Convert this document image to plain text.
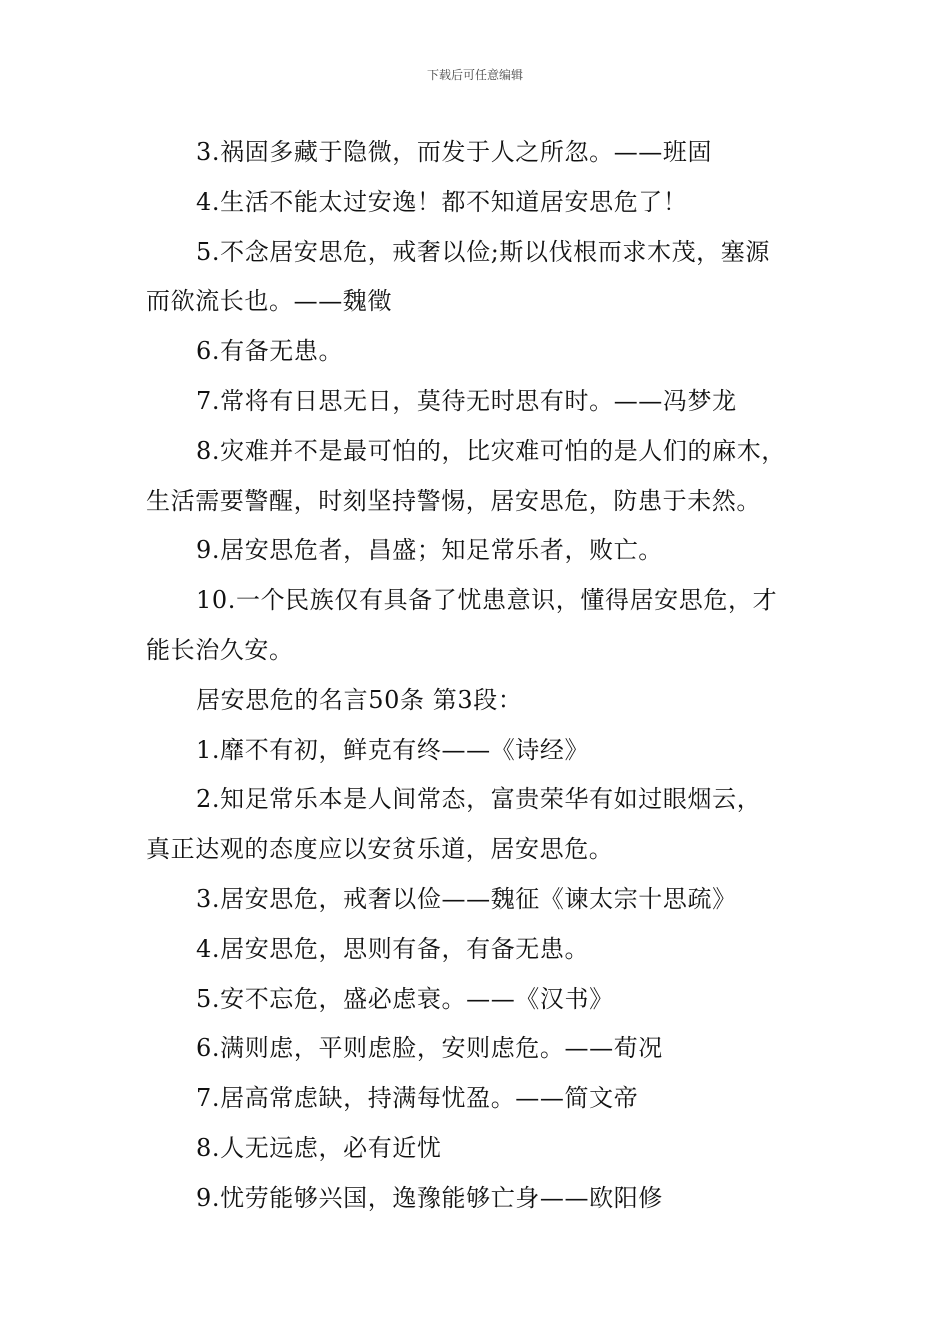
下载后可任意编辑
3.祸固多藏于隐微，而发于人之所忽。——班固
4.生活不能太过安逸！都不知道居安思危了！
5.不念居安思危，戒奢以俭;斯以伐根而求木茂，塞源
而欲流长也。——魏徵
6.有备无患。
7.常将有日思无日，莫待无时思有时。——冯梦龙
8.灾难并不是最可怕的，比灾难可怕的是人们的麻木，
生活需要警醒，时刻坚持警惕，居安思危，防患于未然。
9.居安思危者，昌盛；知足常乐者，败亡。
10.一个民族仅有具备了忧患意识，懂得居安思危，才
能长治久安。
居安思危的名言50条 第3段：
1.靡不有初，鲜克有终——《诗经》
2.知足常乐本是人间常态，富贵荣华有如过眼烟云，
真正达观的态度应以安贫乐道，居安思危。
3.居安思危，戒奢以俭——魏征《谏太宗十思疏》
4.居安思危，思则有备，有备无患。
5.安不忘危，盛必虑衰。——《汉书》
6.满则虑，平则虑脸，安则虑危。——荀况
7.居高常虑缺，持满每忧盈。——简文帝
8.人无远虑，必有近忧
9.忧劳能够兴国，逸豫能够亡身——欧阳修
